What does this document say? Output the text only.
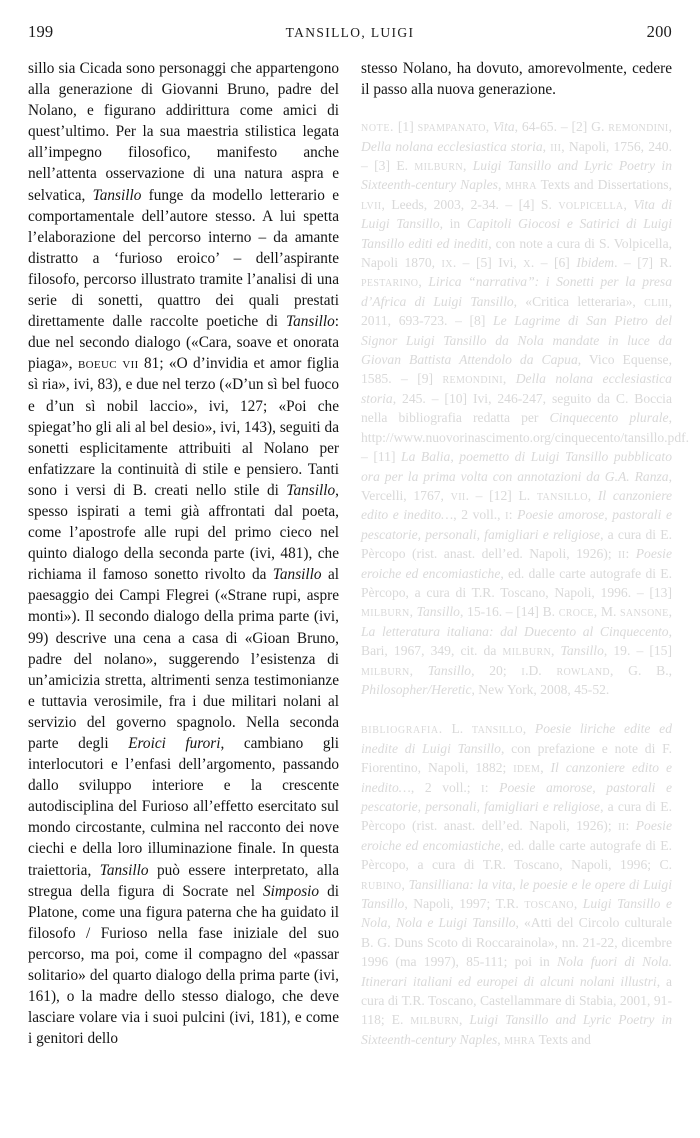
199	TANSILLO, LUIGI	200

sillo sia Cicada sono personaggi che appartengono alla generazione di Giovanni Bruno, padre del Nolano, e figurano addirittura come amici di quest’ultimo. Per la sua maestria stilistica legata all’impegno filosofico, manifesto anche nell’attenta osservazione di una natura aspra e selvatica, Tansillo funge da modello letterario e comportamentale dell’autore stesso. A lui spetta l’elaborazione del percorso interno – da amante distratto a ‘furioso eroico’ – dell’aspirante filosofo, percorso illustrato tramite l’analisi di una serie di sonetti, quattro dei quali prestati direttamente dalle raccolte poetiche di Tansillo: due nel secondo dialogo («Cara, soave et onorata piaga», boeuc vii 81; «O d’invidia et amor figlia sì ria», ivi, 83), e due nel terzo («D’un sì bel fuoco e d’un sì nobil laccio», ivi, 127; «Poi che spiegat’ho gli ali al bel desio», ivi, 143), seguiti da sonetti esplicitamente attribuiti al Nolano per enfatizzare la continuità di stile e pensiero. Tanti sono i versi di B. creati nello stile di Tansillo, spesso ispirati a temi già affrontati dal poeta, come l’apostrofe alle rupi del primo cieco nel quinto dialogo della seconda parte (ivi, 481), che richiama il famoso sonetto rivolto da Tansillo al paesaggio dei Campi Flegrei («Strane rupi, aspre monti»). Il secondo dialogo della prima parte (ivi, 99) descrive una cena a casa di «Gioan Bruno, padre del nolano», suggerendo l’esistenza di un’amicizia stretta, altrimenti senza testimonianze e tuttavia verosimile, fra i due militari nolani al servizio del governo spagnolo. Nella seconda parte degli Eroici furori, cambiano gli interlocutori e l’enfasi dell’argomento, passando dallo sviluppo interiore e la crescente autodisciplina del Furioso all’effetto esercitato sul mondo circostante, culmina nel racconto dei nove ciechi e della loro illuminazione finale. In questa traiettoria, Tansillo può essere interpretato, alla stregua della figura di Socrate nel Simposio di Platone, come una figura paterna che ha guidato il filosofo / Furioso nella fase iniziale del suo percorso, ma poi, come il compagno del «passar solitario» del quarto dialogo della prima parte (ivi, 161), o la madre dello stesso dialogo, che deve lasciare volare via i suoi pulcini (ivi, 181), e come i genitori dello

stesso Nolano, ha dovuto, amorevolmente, cedere il passo alla nuova generazione.

note. [1] spampanato, Vita, 64-65. – [2] G. remondini, Della nolana ecclesiastica storia, iii, Napoli, 1756, 240. – [3] E. milburn, Luigi Tansillo and Lyric Poetry in Sixteenth-century Naples, mhra Texts and Dissertations, lvii, Leeds, 2003, 2-34. – [4] S. volpicella, Vita di Luigi Tansillo, in Capitoli Giocosi e Satirici di Luigi Tansillo editi ed inediti, con note a cura di S. Volpicella, Napoli 1870, ix. – [5] Ivi, x. – [6] Ibidem. – [7] R. pestarino, Lirica “narrativa”: i Sonetti per la presa d’Africa di Luigi Tansillo, «Critica letteraria», cliii, 2011, 693-723. – [8] Le Lagrime di San Pietro del Signor Luigi Tansillo da Nola mandate in luce da Giovan Battista Attendolo da Capua, Vico Equense, 1585. – [9] remondini, Della nolana ecclesiastica storia, 245. – [10] Ivi, 246-247, seguito da C. Boccia nella bibliografia redatta per Cinquecento plurale, http://www.nuovorinascimento.org/cinquecento/tansillo.pdf. – [11] La Balia, poemetto di Luigi Tansillo pubblicato ora per la prima volta con annotazioni da G.A. Ranza, Vercelli, 1767, vii. – [12] L. tansillo, Il canzoniere edito e inedito…, 2 voll., i: Poesie amorose, pastorali e pescatorie, personali, famigliari e religiose, a cura di E. Pèrcopo (rist. anast. dell’ed. Napoli, 1926); ii: Poesie eroiche ed encomiastiche, ed. dalle carte autografe di E. Pèrcopo, a cura di T.R. Toscano, Napoli, 1996. – [13] milburn, Tansillo, 15-16. – [14] B. croce, M. sansone, La letteratura italiana: dal Duecento al Cinquecento, Bari, 1967, 349, cit. da milburn, Tansillo, 19. – [15] milburn, Tansillo, 20; i.D. rowland, G. B., Philosopher/Heretic, New York, 2008, 45-52.

bibliografia. L. tansillo, Poesie liriche edite ed inedite di Luigi Tansillo, con prefazione e note di F. Fiorentino, Napoli, 1882; idem, Il canzoniere edito e inedito…, 2 voll.; i: Poesie amorose, pastorali e pescatorie, personali, famigliari e religiose, a cura di E. Pèrcopo (rist. anast. dell’ed. Napoli, 1926); ii: Poesie eroiche ed encomiastiche, ed. dalle carte autografe di E. Pèrcopo, a cura di T.R. Toscano, Napoli, 1996; C. rubino, Tansilliana: la vita, le poesie e le opere di Luigi Tansillo, Napoli, 1997; T.R. toscano, Luigi Tansillo e Nola, Nola e Luigi Tansillo, «Atti del Circolo culturale B. G. Duns Scoto di Roccarainola», nn. 21-22, dicembre 1996 (ma 1997), 85-111; poi in Nola fuori di Nola. Itinerari italiani ed europei di alcuni nolani illustri, a cura di T.R. Toscano, Castellammare di Stabia, 2001, 91-118; E. milburn, Luigi Tansillo and Lyric Poetry in Sixteenth-century Naples, mhra Texts and
